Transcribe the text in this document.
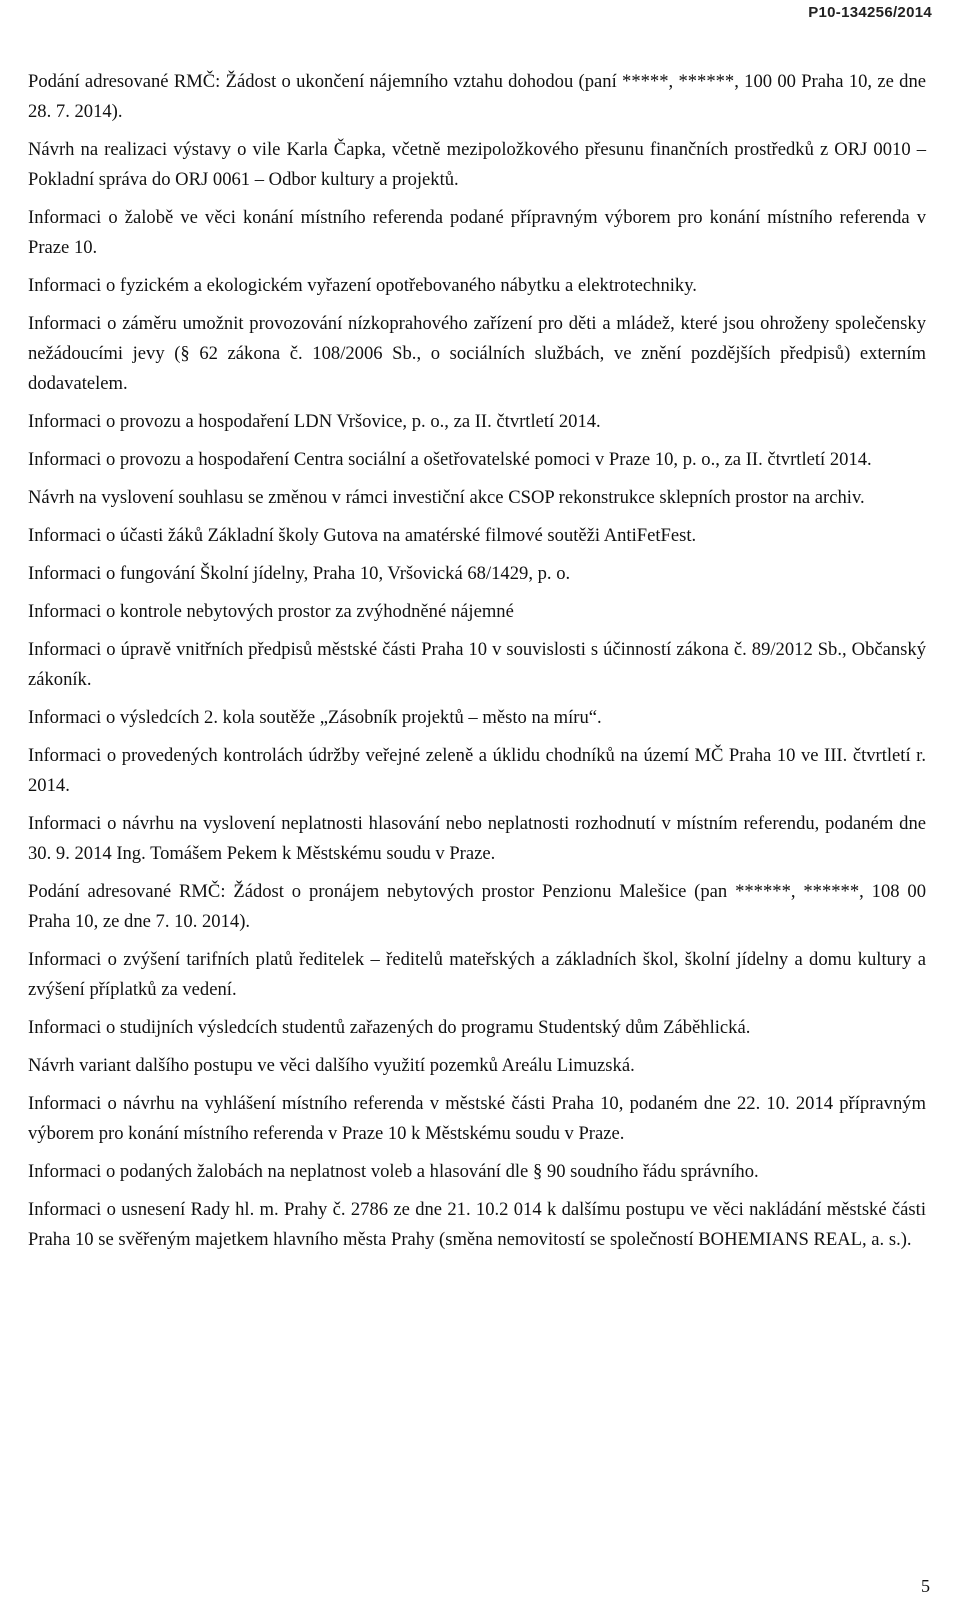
P10-134256/2014

Podání adresované RMČ: Žádost o ukončení nájemního vztahu dohodou (paní *****, ******, 100 00 Praha 10, ze dne 28. 7. 2014).

Návrh na realizaci výstavy o vile Karla Čapka, včetně mezipoložkového přesunu finančních prostředků z ORJ 0010 – Pokladní správa do ORJ 0061 – Odbor kultury a projektů.

Informaci o žalobě ve věci konání místního referenda podané přípravným výborem pro konání místního referenda v Praze 10.

Informaci o fyzickém a ekologickém vyřazení opotřebovaného nábytku a elektrotechniky.

Informaci o záměru umožnit provozování nízkoprahového zařízení pro děti a mládež, které jsou ohroženy společensky nežádoucími jevy (§ 62 zákona č. 108/2006 Sb., o sociálních službách, ve znění pozdějších předpisů) externím dodavatelem.

Informaci o provozu a hospodaření LDN Vršovice, p. o., za II. čtvrtletí 2014.

Informaci o provozu a hospodaření Centra sociální a ošetřovatelské pomoci v Praze 10, p. o., za II. čtvrtletí 2014.

Návrh na vyslovení souhlasu se změnou v rámci investiční akce CSOP rekonstrukce sklepních prostor na archiv.

Informaci o účasti žáků Základní školy Gutova na amatérské filmové soutěži AntiFetFest.

Informaci o fungování Školní jídelny, Praha 10, Vršovická 68/1429, p. o.

Informaci o kontrole nebytových prostor za zvýhodněné nájemné

Informaci o úpravě vnitřních předpisů městské části Praha 10 v souvislosti s účinností zákona č. 89/2012 Sb., Občanský zákoník.

Informaci o výsledcích 2. kola soutěže „Zásobník projektů – město na míru“.

Informaci o provedených kontrolách údržby veřejné zeleně a úklidu chodníků na území MČ Praha 10 ve III. čtvrtletí r. 2014.

Informaci o návrhu na vyslovení neplatnosti hlasování nebo neplatnosti rozhodnutí v místním referendu, podaném dne 30. 9. 2014 Ing. Tomášem Pekem k Městskému soudu v Praze.

Podání adresované RMČ: Žádost o pronájem nebytových prostor Penzionu Malešice (pan ******, ******, 108 00 Praha 10, ze dne 7. 10. 2014).

Informaci o zvýšení tarifních platů ředitelek – ředitelů mateřských a základních škol, školní jídelny a domu kultury a zvýšení příplatků za vedení.

Informaci o studijních výsledcích studentů zařazených do programu Studentský dům Záběhlická.

Návrh variant dalšího postupu ve věci dalšího využití pozemků Areálu Limuzská.

Informaci o návrhu na vyhlášení místního referenda v městské části Praha 10, podaném dne 22. 10. 2014 přípravným výborem pro konání místního referenda v Praze 10 k Městskému soudu v Praze.

Informaci o podaných žalobách na neplatnost voleb a hlasování dle § 90 soudního řádu správního.

Informaci o usnesení Rady hl. m. Prahy č. 2786 ze dne 21. 10.2 014 k dalšímu postupu ve věci nakládání městské části Praha 10 se svěřeným majetkem hlavního města Prahy (směna nemovitostí se společností BOHEMIANS REAL, a. s.).

5
